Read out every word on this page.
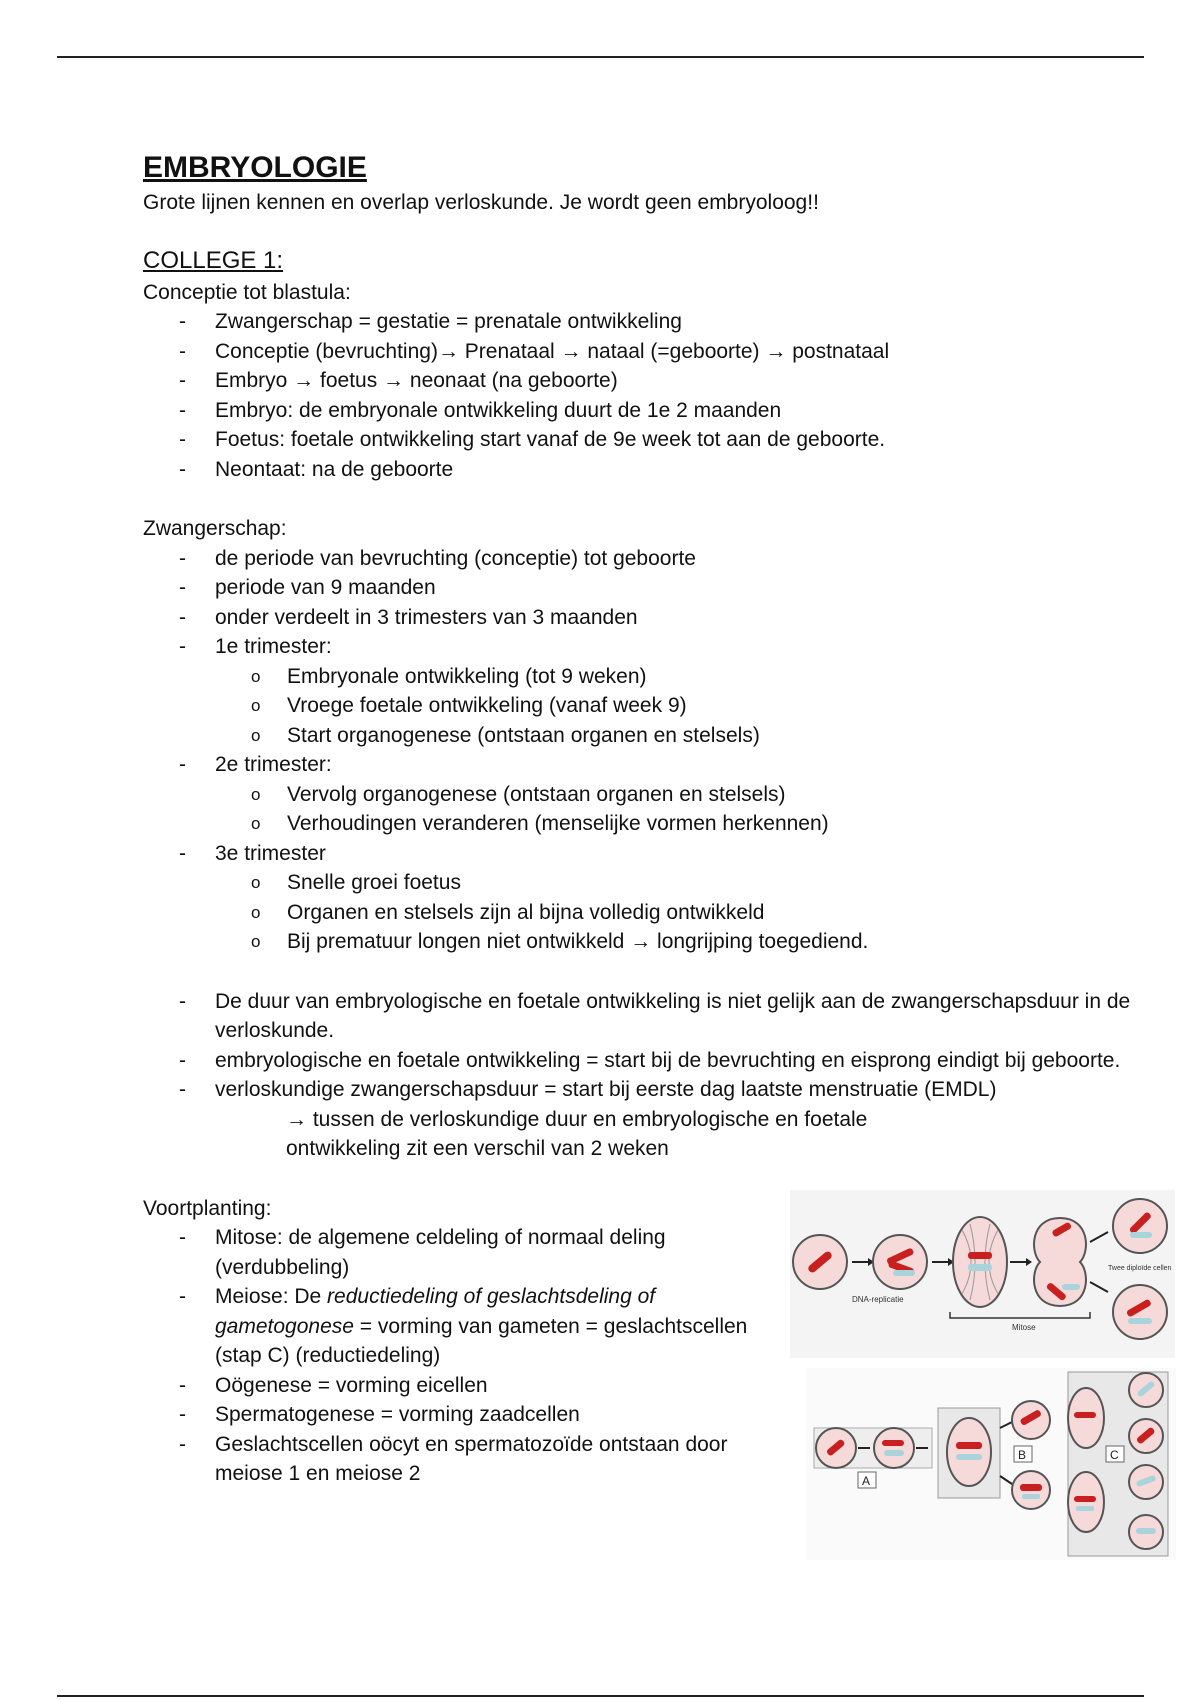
EMBRYOLOGIE
Grote lijnen kennen en overlap verloskunde. Je wordt geen embryoloog!!
COLLEGE 1:
Conceptie tot blastula:
- Zwangerschap = gestatie = prenatale ontwikkeling
- Conceptie (bevruchting)→ Prenataal → nataal (=geboorte) → postnataal
- Embryo → foetus → neonaat (na geboorte)
- Embryo: de embryonale ontwikkeling duurt de 1e 2 maanden
- Foetus: foetale ontwikkeling start vanaf de 9e week tot aan de geboorte.
- Neontaat: na de geboorte
Zwangerschap:
- de periode van bevruchting (conceptie) tot geboorte
- periode van 9 maanden
- onder verdeelt in 3 trimesters van 3 maanden
- 1e trimester:
o Embryonale ontwikkeling (tot 9 weken)
o Vroege foetale ontwikkeling (vanaf week 9)
o Start organogenese (ontstaan organen en stelsels)
- 2e trimester:
o Vervolg organogenese (ontstaan organen en stelsels)
o Verhoudingen veranderen (menselijke vormen herkennen)
- 3e trimester
o Snelle groei foetus
o Organen en stelsels zijn al bijna volledig ontwikkeld
o Bij prematuur longen niet ontwikkeld → longrijping toegediend.
- De duur van embryologische en foetale ontwikkeling is niet gelijk aan de zwangerschapsduur in de verloskunde.
- embryologische en foetale ontwikkeling = start bij de bevruchting en eisprong eindigt bij geboorte.
- verloskundige zwangerschapsduur = start bij eerste dag laatste menstruatie (EMDL)
→ tussen de verloskundige duur en embryologische en foetale ontwikkeling zit een verschil van 2 weken
Voortplanting:
- Mitose: de algemene celdeling of normaal deling (verdubbeling)
- Meiose: De reductiedeling of geslachtsdeling of gametogonese = vorming van gameten = geslachtscellen (stap C) (reductiedeling)
- Oögenese = vorming eicellen
- Spermatogenese = vorming zaadcellen
- Geslachtscellen oöcyt en spermatozoïde ontstaan door meiose 1 en meiose 2
DNA-replicatie
Twee diploïde cellen
Mitose
A
B	C
